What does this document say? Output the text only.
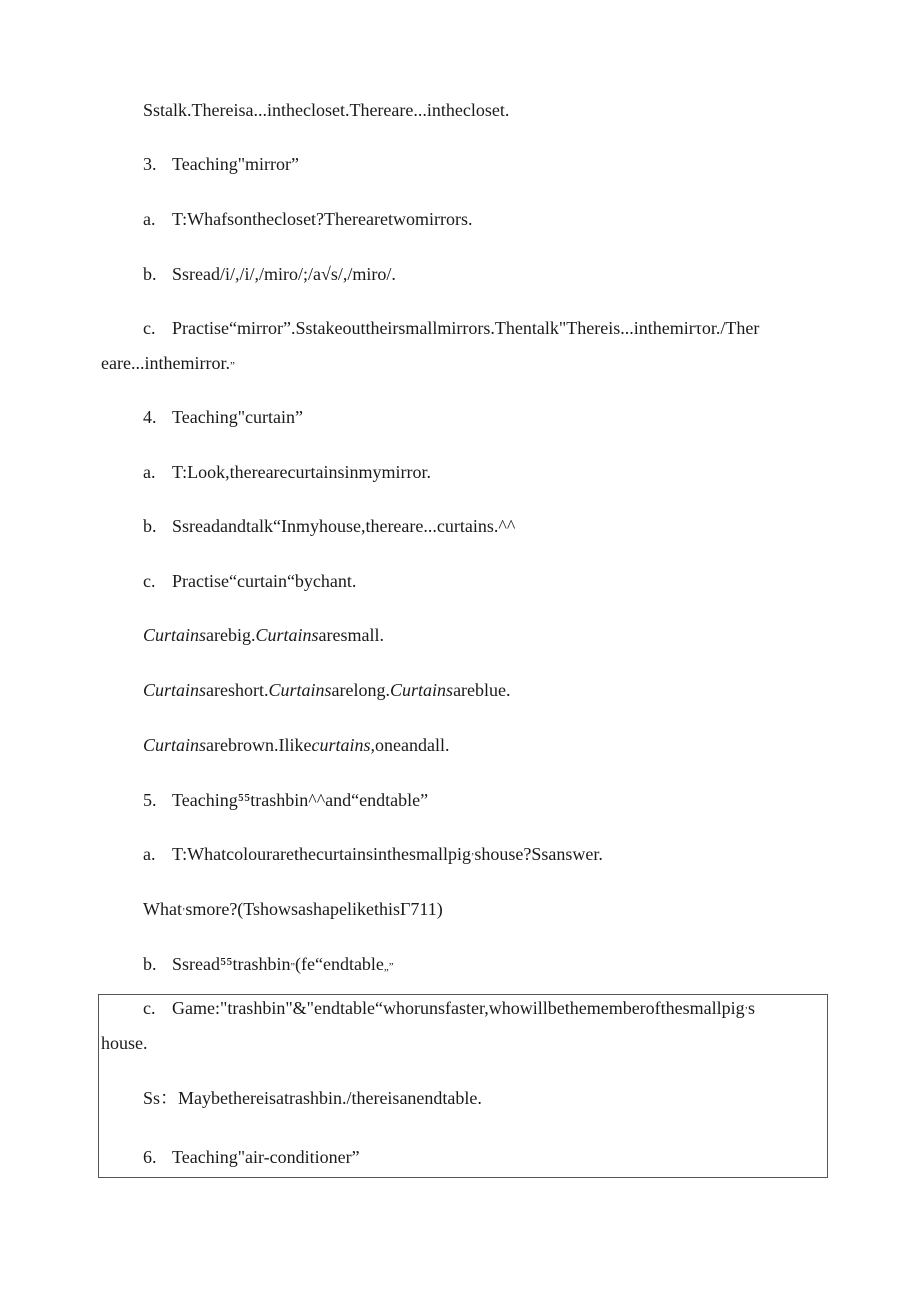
Sstalk.Thereisa...inthecloset.Thereare...inthecloset.
3. Teaching"mirror”
a. T:Whafsonthecloset?Therearetwomirrors.
b. Ssread/i/,/i/,/miro/;/a√s/,/miro/.
c. Practise“mirror”.Sstakeouttheirsmallmirrors.Thentalk"Thereis...inthemirτor./Ther
eare...inthemirror.”
4. Teaching"curtain”
a. T:Look,therearecurtainsinmymirror.
b. Ssreadandtalk“Inmyhouse,thereare...curtains.^^
c. Practise“curtain“bychant.
Curtainsarebig.Curtainsaresmall.
Curtainsareshort.Curtainsarelong.Curtainsareblue.
Curtainsarebrown.Ilikecurtains,oneandall.
5. Teaching⁵⁵trashbin^^and“endtable”
a. T:Whatcolourarethecurtainsinthesmallpig’shouse?Ssanswer.
What’smore?(TshowsashapelikethisΓ711)
b. Ssread⁵⁵trashbin”(fe“endtable„”
c. Game:"trashbin"&"endtable“whorunsfaster,whowillbethememberofthesmallpig’s
house.
Ss：Maybethereisatrashbin./thereisanendtable.
6. Teaching"air-conditioner”
